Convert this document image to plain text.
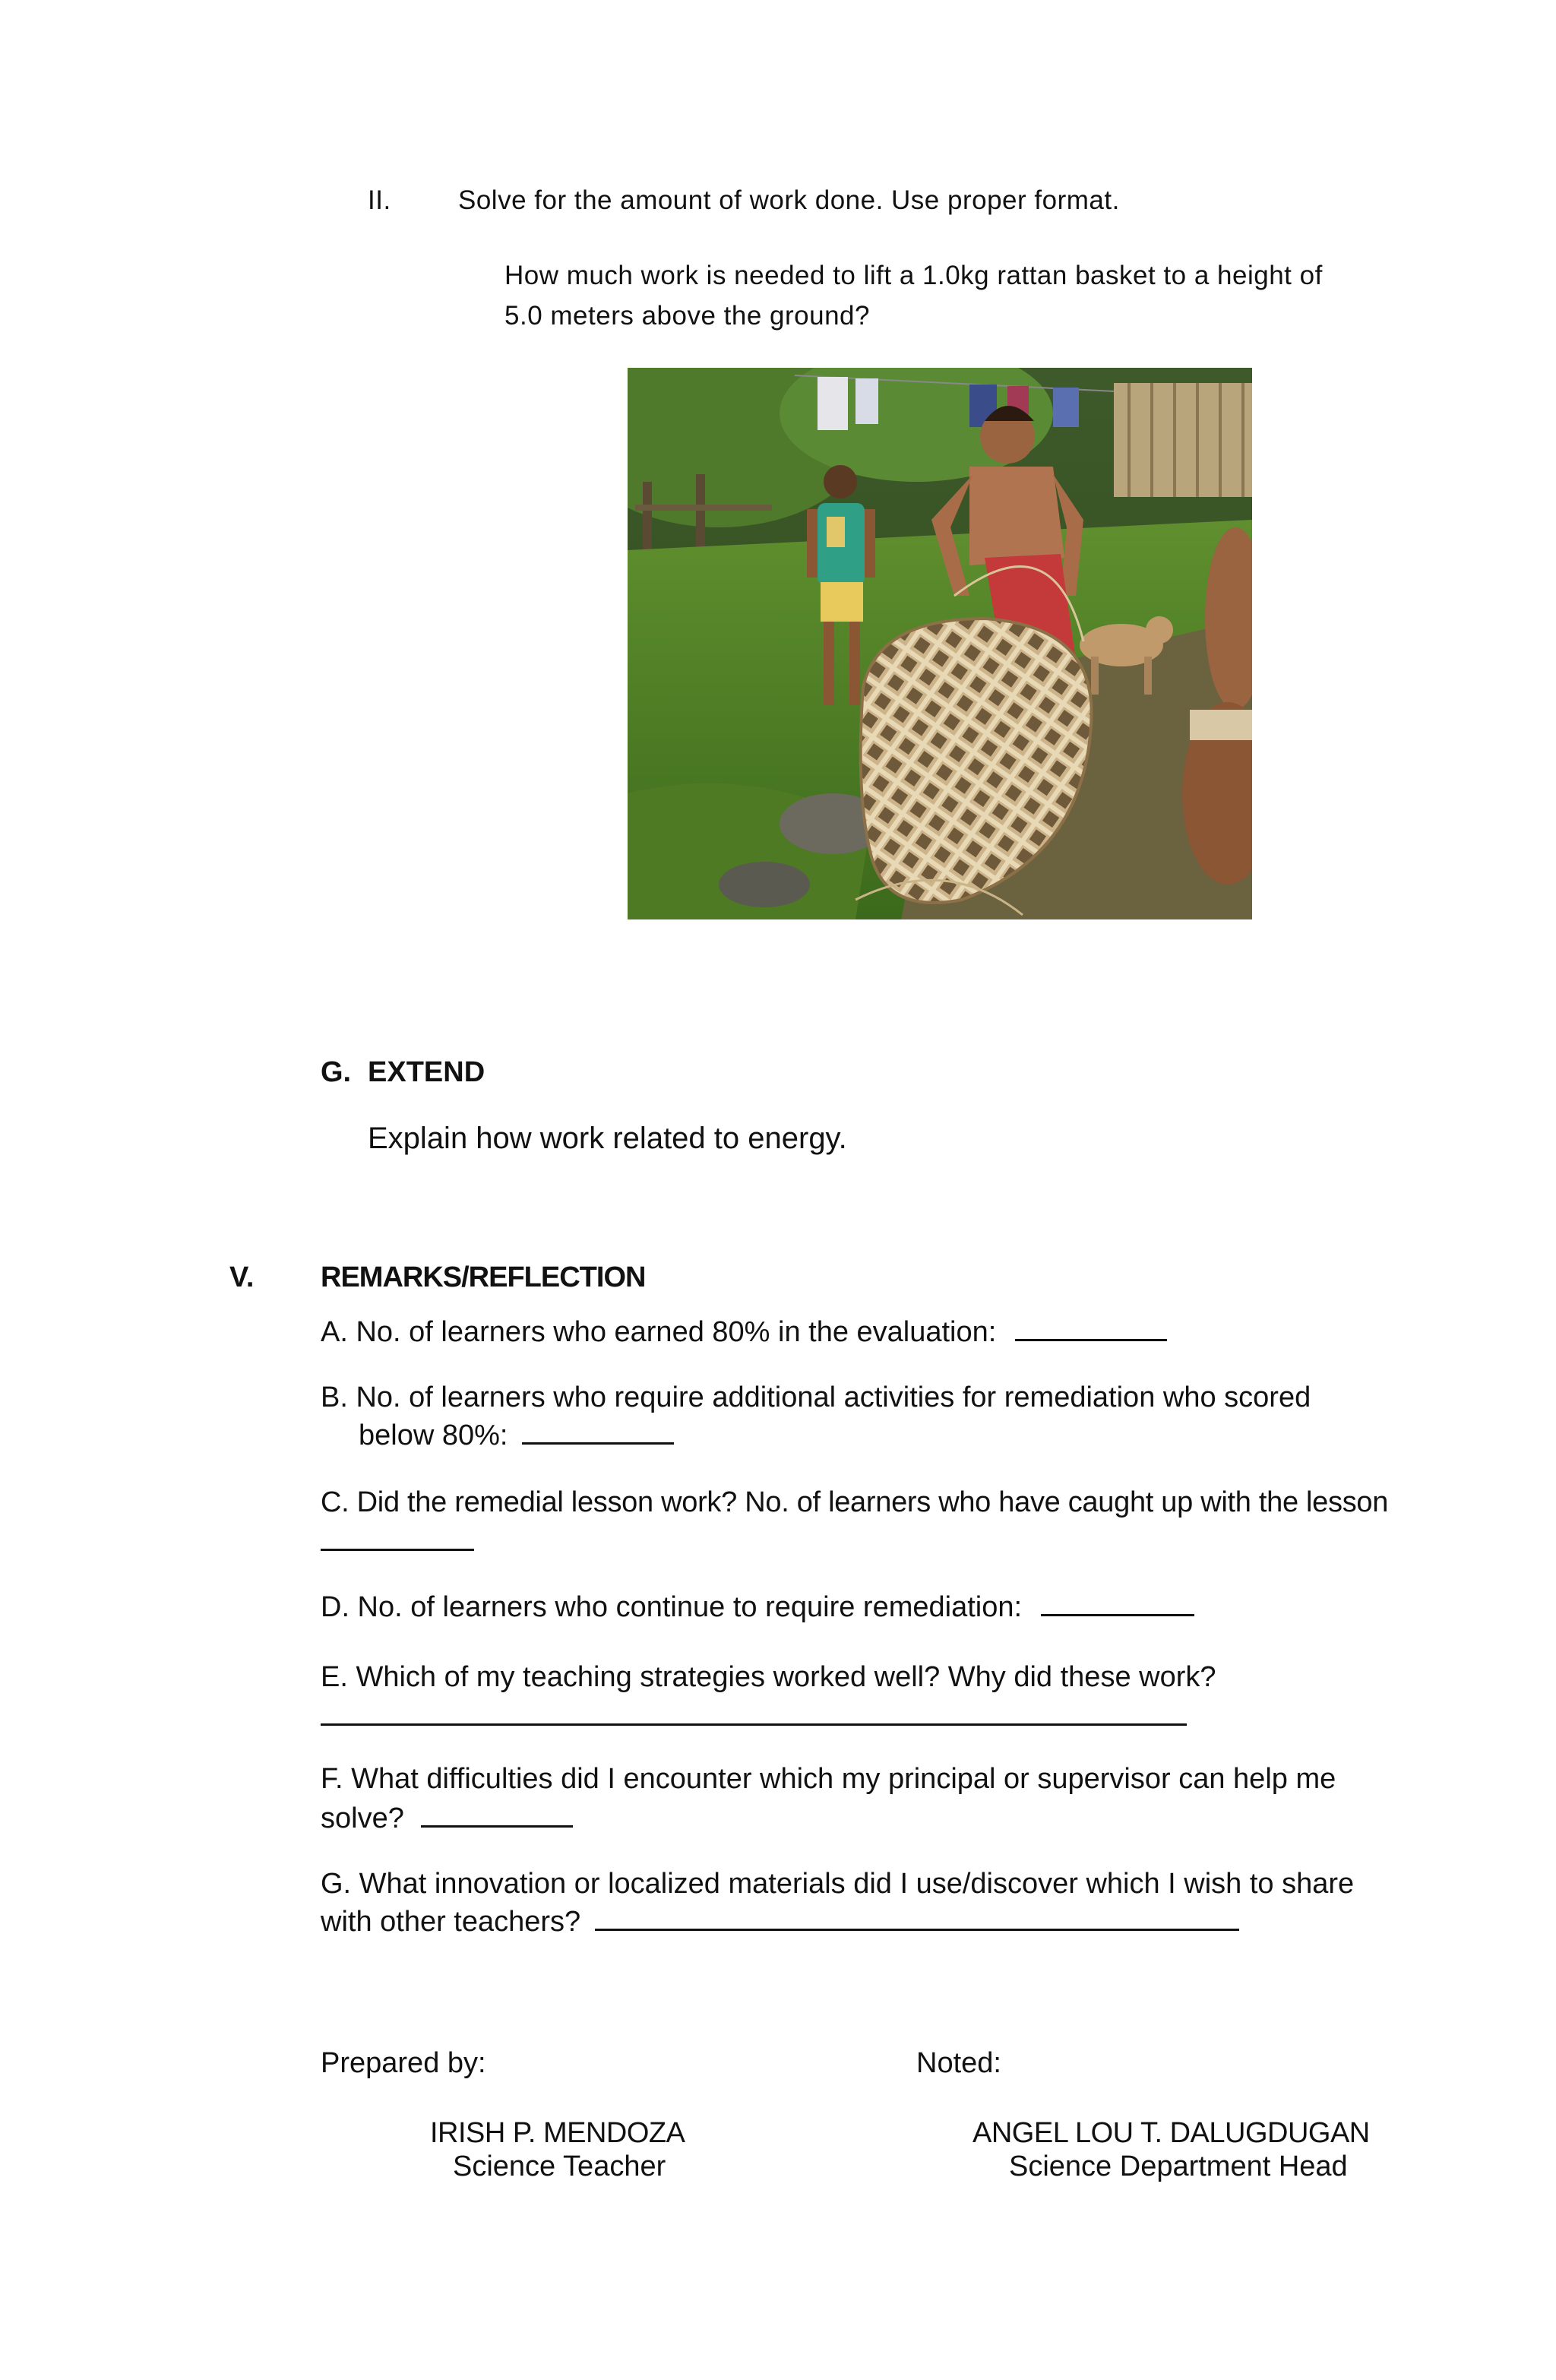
II.	Solve for the amount of work done. Use proper format.
How much work is needed to lift a 1.0kg rattan basket to a height of
5.0 meters above the ground?
G. EXTEND
Explain how work related to energy.
V. REMARKS/REFLECTION
A. No. of learners who earned 80% in the evaluation:
B. No. of learners who require additional activities for remediation who scored
below 80%:
C. Did the remedial lesson work? No. of learners who have caught up with the lesson
D. No. of learners who continue to require remediation:
E. Which of my teaching strategies worked well? Why did these work?
F. What difficulties did I encounter which my principal or supervisor can help me
solve?
G. What innovation or localized materials did I use/discover which I wish to share
with other teachers?
Prepared by:
IRISH P. MENDOZA
Science Teacher
Noted:
ANGEL LOU T. DALUGDUGAN
Science Department Head
